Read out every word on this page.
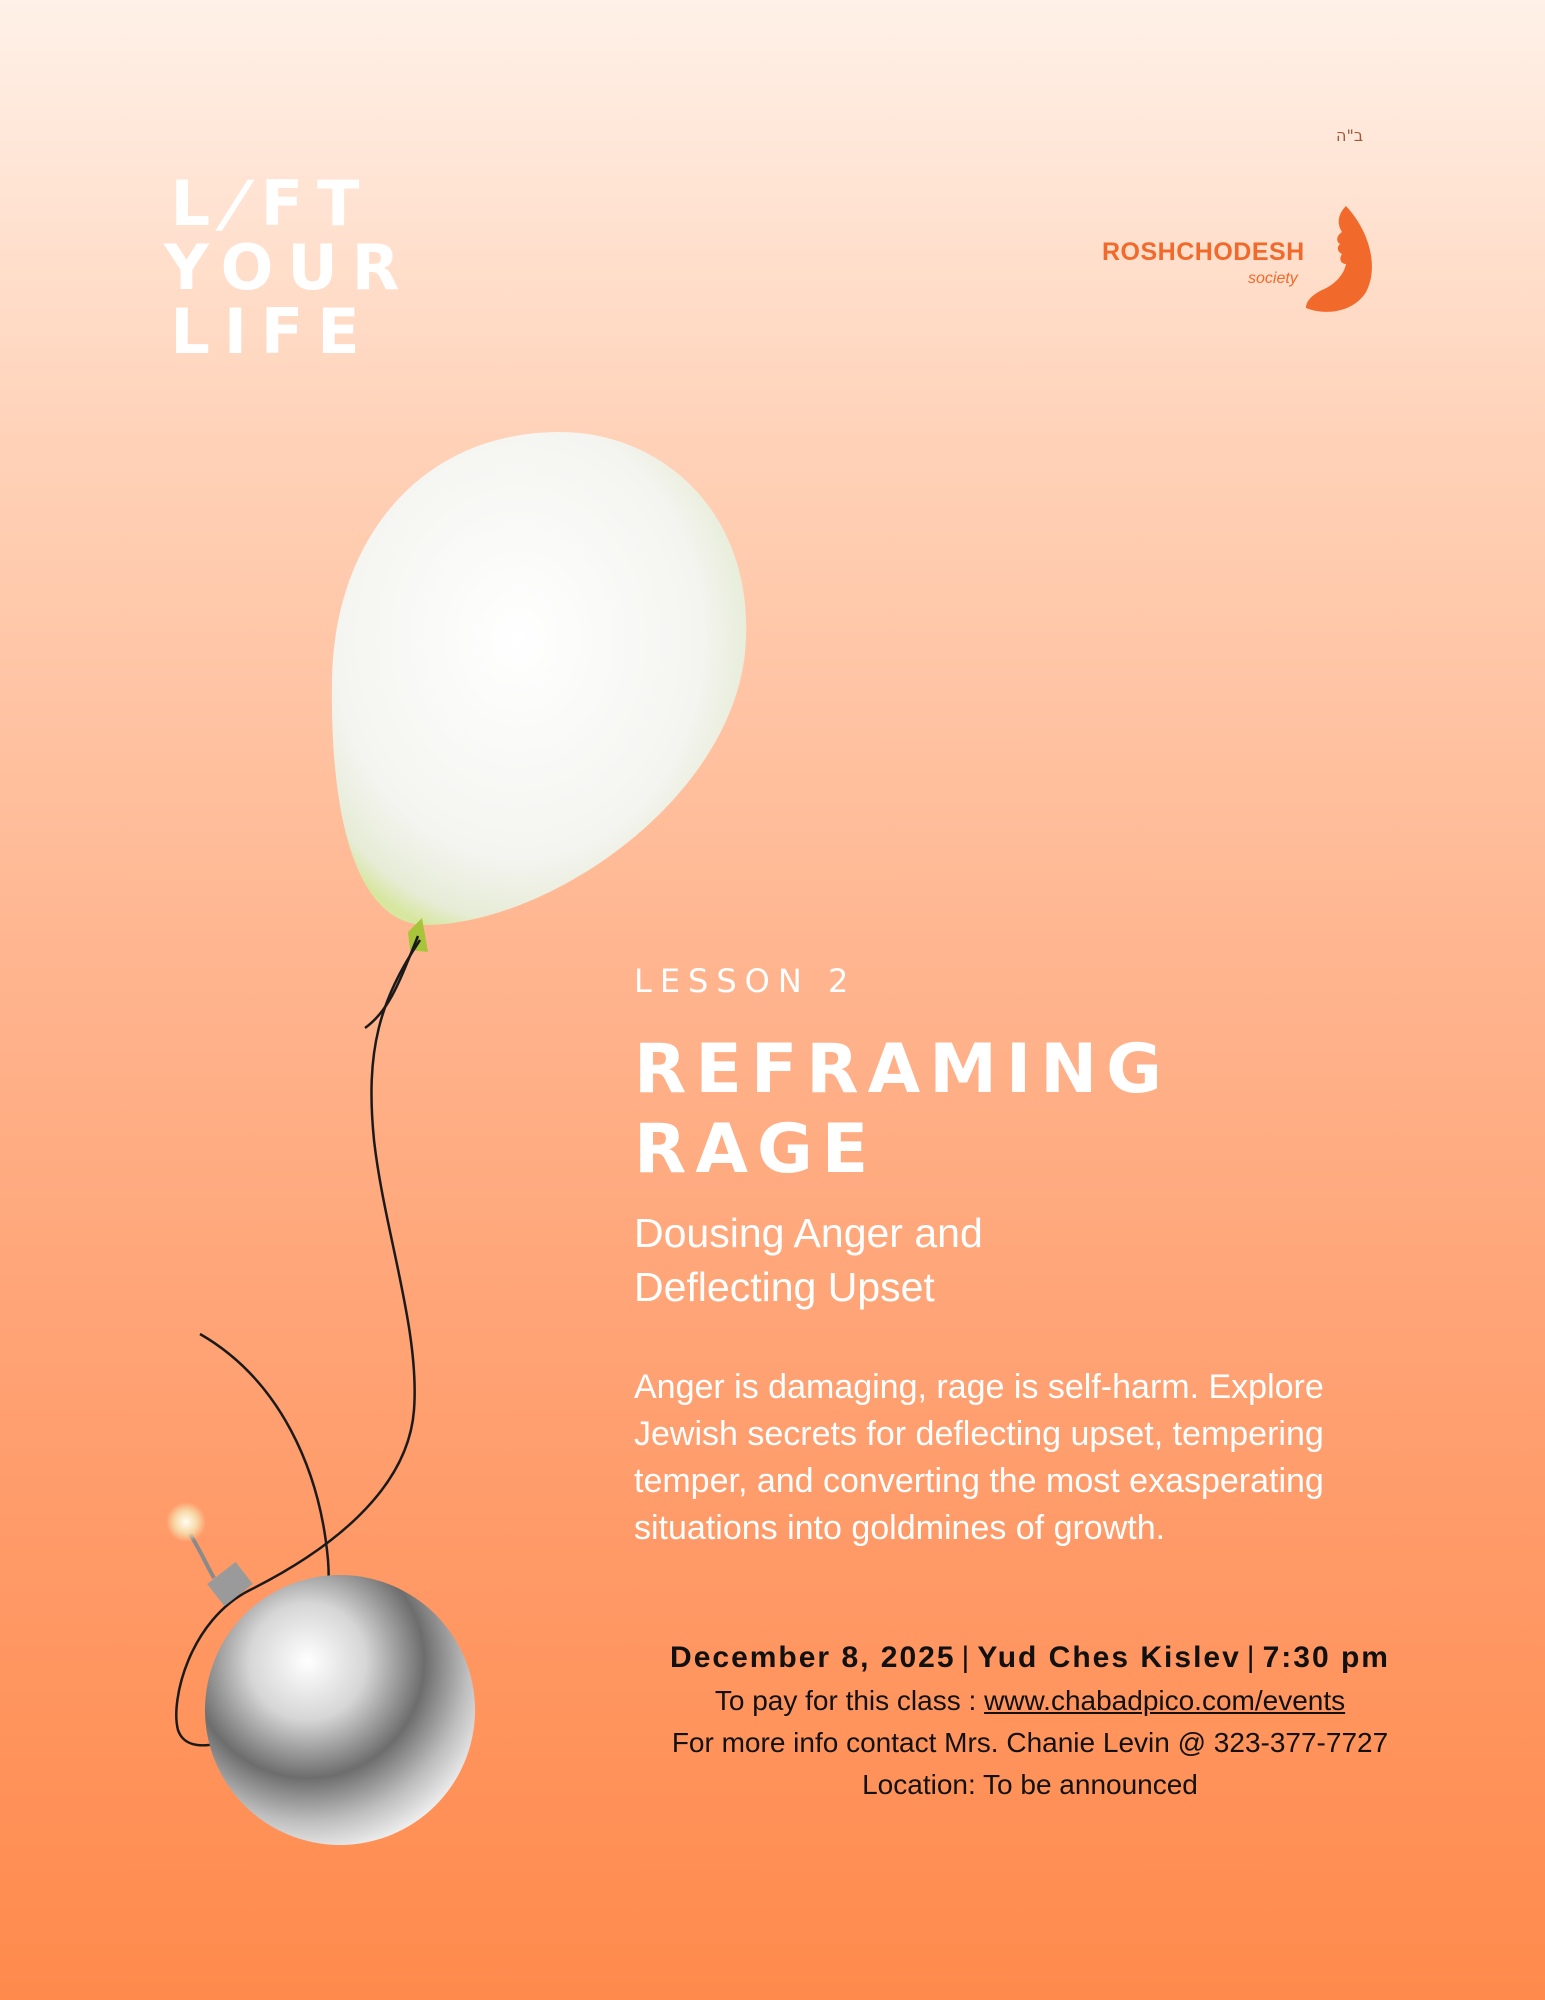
ב"ה
L/FT
YOUR
LIFE
ROSHCHODESH
society
LESSON 2
REFRAMING
RAGE
Dousing Anger and
Deflecting Upset
Anger is damaging, rage is self-harm. Explore Jewish secrets for deflecting upset, tempering temper, and converting the most exasperating situations into goldmines of growth.
December 8, 2025 | Yud Ches Kislev | 7:30 pm
To pay for this class : www.chabadpico.com/events
For more info contact Mrs. Chanie Levin @ 323-377-7727
Location: To be announced
